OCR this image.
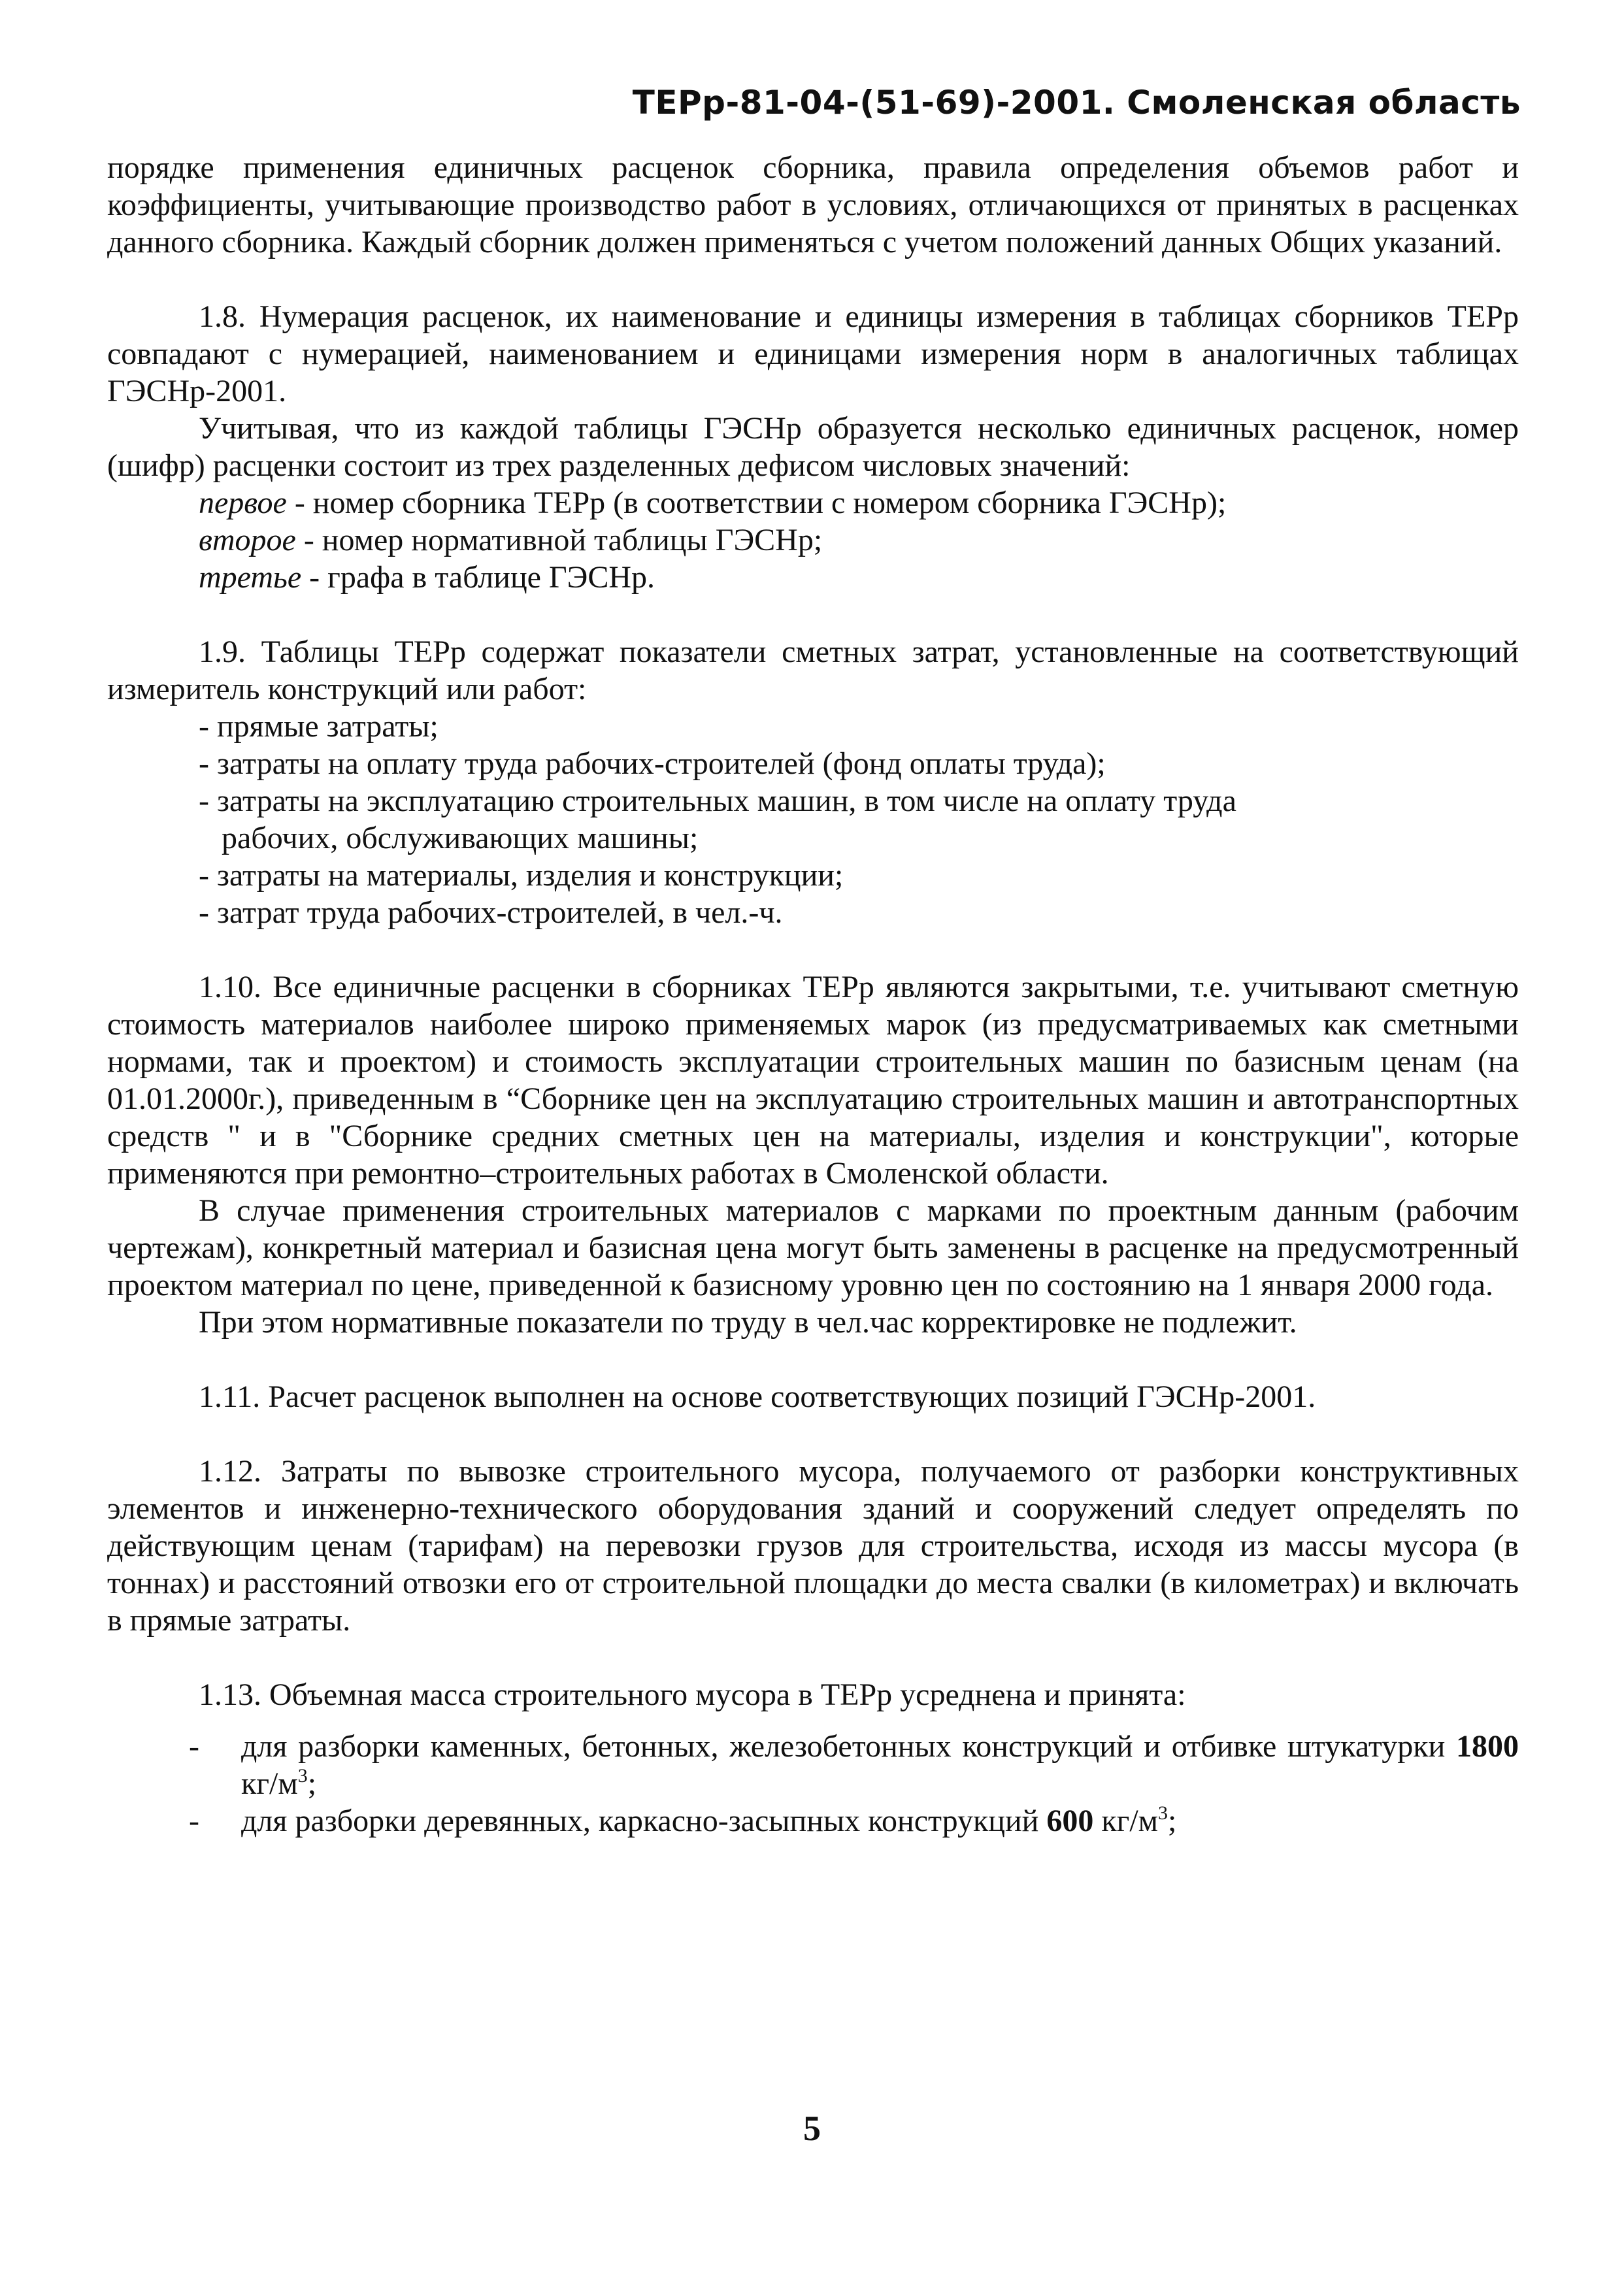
ТЕРр-81-04-(51-69)-2001. Смоленская область

порядке применения единичных расценок сборника, правила определения объемов работ и коэффициенты, учитывающие производство работ в условиях, отличающихся от принятых в расценках данного сборника. Каждый сборник должен применяться с учетом положений данных Общих указаний.

1.8. Нумерация расценок, их наименование и единицы измерения в таблицах сборников ТЕРр совпадают с нумерацией, наименованием и единицами измерения норм в аналогичных таблицах ГЭСНр-2001.

Учитывая, что из каждой таблицы ГЭСНр образуется несколько единичных расценок, номер (шифр) расценки состоит из трех разделенных дефисом числовых значений:

первое - номер сборника ТЕРр (в соответствии с номером сборника ГЭСНр);
второе - номер нормативной таблицы ГЭСНр;
третье - графа в таблице ГЭСНр.

1.9. Таблицы ТЕРр содержат показатели сметных затрат, установленные на соответствующий измеритель конструкций или работ:

- прямые затраты;
- затраты на оплату труда рабочих-строителей (фонд оплаты труда);
- затраты на эксплуатацию строительных машин, в том числе на оплату труда
рабочих, обслуживающих машины;
- затраты на материалы, изделия и конструкции;
- затрат труда рабочих-строителей, в чел.-ч.

1.10. Все единичные расценки в сборниках ТЕРр являются закрытыми, т.е. учитывают сметную стоимость материалов наиболее широко применяемых марок (из предусматриваемых как сметными нормами, так и проектом) и стоимость эксплуатации строительных машин по базисным ценам (на 01.01.2000г.), приведенным в “Сборнике цен на эксплуатацию строительных машин и автотранспортных средств " и в "Сборнике средних сметных цен на материалы, изделия и конструкции", которые применяются при ремонтно–строительных работах в Смоленской области.

В случае применения строительных материалов с марками по проектным данным (рабочим чертежам), конкретный материал и базисная цена могут быть заменены в расценке на предусмотренный проектом материал по цене, приведенной к базисному уровню цен по состоянию на 1 января 2000 года.

При этом нормативные показатели по труду в чел.час корректировке не подлежит.

1.11. Расчет расценок выполнен на основе соответствующих позиций ГЭСНр-2001.

1.12. Затраты по вывозке строительного мусора, получаемого от разборки конструктивных элементов и инженерно-технического оборудования зданий и сооружений следует определять по действующим ценам (тарифам) на перевозки грузов для строительства, исходя из массы мусора (в тоннах) и расстояний отвозки его от строительной площадки до места свалки (в километрах) и включать в прямые затраты.

1.13. Объемная масса строительного мусора в ТЕРр усреднена и принята:

- для разборки каменных, бетонных, железобетонных конструкций и отбивке штукатурки 1800 $кг/м^3$;
- для разборки деревянных, каркасно-засыпных конструкций 600 $кг/м^3$;
5
